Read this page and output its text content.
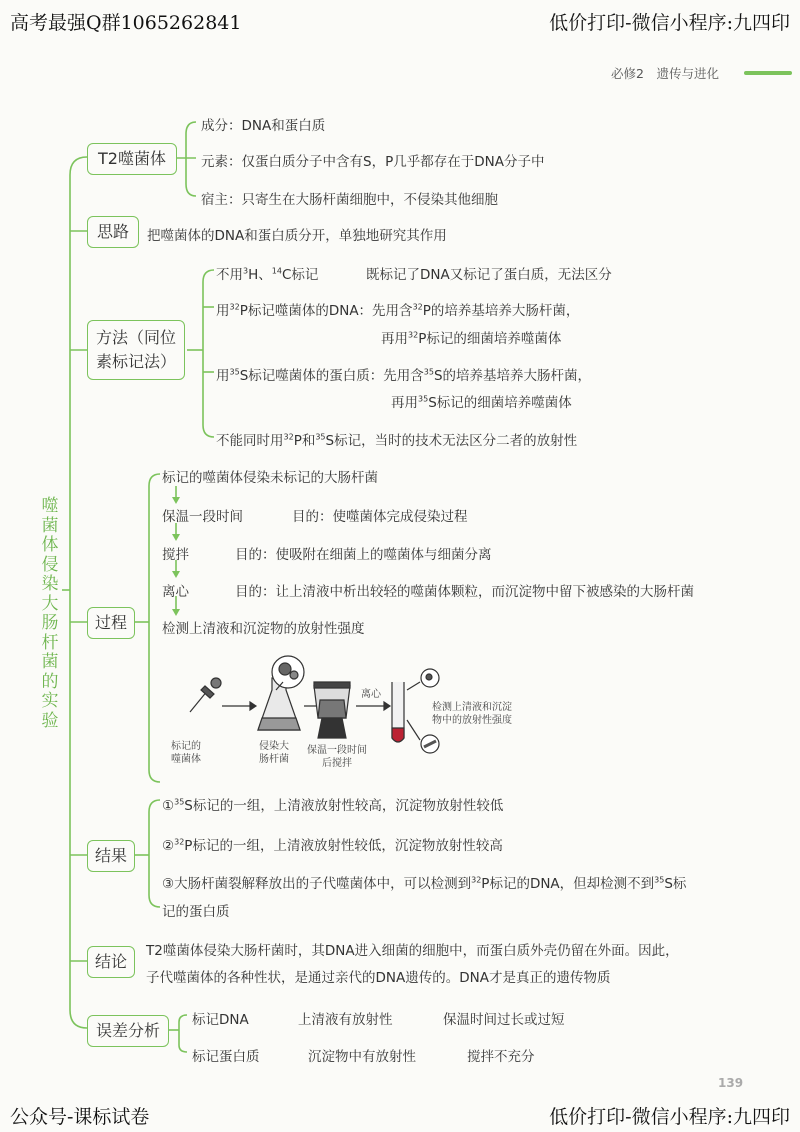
高考最强Q群1065262841	低价打印-微信小程序:九四印
公众号-课标试卷	低价打印-微信小程序:九四印
必修2　遗传与进化
噬菌体侵染大肠杆菌的实验
T2噬菌体
成分：DNA和蛋白质
元素：仅蛋白质分子中含有S，P几乎都存在于DNA分子中
宿主：只寄生在大肠杆菌细胞中，不侵染其他细胞
思路	把噬菌体的DNA和蛋白质分开，单独地研究其作用
方法（同位素标记法）
不用$^3$H、$^{14}$C标记	既标记了DNA又标记了蛋白质，无法区分
用$^{32}$P标记噬菌体的DNA：先用含$^{32}$P的培养基培养大肠杆菌，
再用$^{32}$P标记的细菌培养噬菌体
用$^{35}$S标记噬菌体的蛋白质：先用含$^{35}$S的培养基培养大肠杆菌，
再用$^{35}$S标记的细菌培养噬菌体
不能同时用$^{32}$P和$^{35}$S标记，当时的技术无法区分二者的放射性
过程
标记的噬菌体侵染未标记的大肠杆菌
保温一段时间	目的：使噬菌体完成侵染过程
搅拌	目的：使吸附在细菌上的噬菌体与细菌分离
离心	目的：让上清液中析出较轻的噬菌体颗粒，而沉淀物中留下被感染的大肠杆菌
检测上清液和沉淀物的放射性强度
标记的
噬菌体
侵染大
肠杆菌
保温一段时间
后搅拌
离心
检测上清液和沉淀
物中的放射性强度
结果
①$^{35}$S标记的一组，上清液放射性较高，沉淀物放射性较低
②$^{32}$P标记的一组，上清液放射性较低，沉淀物放射性较高
③大肠杆菌裂解释放出的子代噬菌体中，可以检测到$^{32}$P标记的DNA，但却检测不到$^{35}$S标
记的蛋白质
结论
T2噬菌体侵染大肠杆菌时，其DNA进入细菌的细胞中，而蛋白质外壳仍留在外面。因此，
子代噬菌体的各种性状，是通过亲代的DNA遗传的。DNA才是真正的遗传物质
误差分析
标记DNA	上清液有放射性	保温时间过长或过短
标记蛋白质	沉淀物中有放射性	搅拌不充分
139
